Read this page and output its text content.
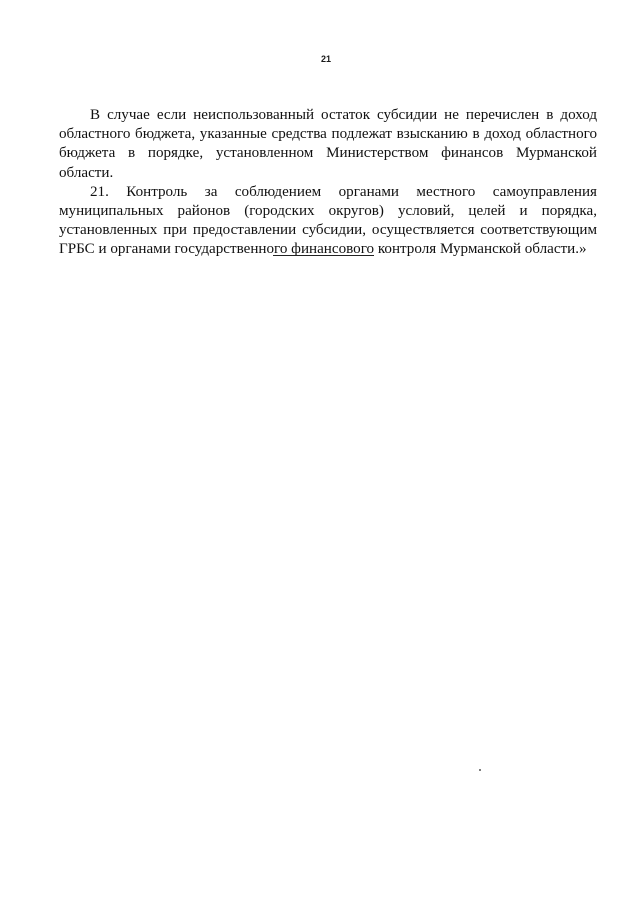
21

В случае если неиспользованный остаток субсидии не перечислен в доход областного бюджета, указанные средства подлежат взысканию в доход областного бюджета в порядке, установленном Министерством финансов Мурманской области.

21. Контроль за соблюдением органами местного самоуправления муниципальных районов (городских округов) условий, целей и порядка, установленных при предоставлении субсидии, осуществляется соответствующим ГРБС и органами государственного финансового контроля Мурманской области.»
